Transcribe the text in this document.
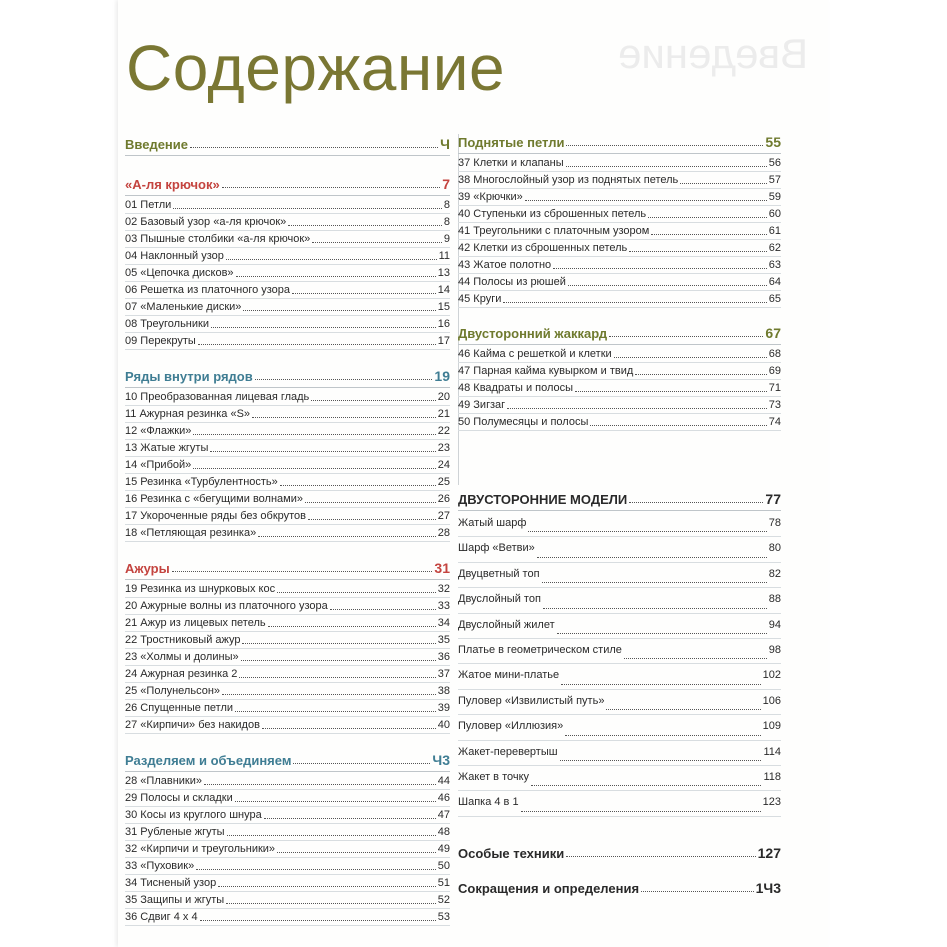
Введение
Содержание
Введение	Ч
«А-ля крючок»	7
01 Петли	8
02 Базовый узор «а-ля крючок»	8
03 Пышные столбики «а-ля крючок»	9
04 Наклонный узор	11
05 «Цепочка дисков»	13
06 Решетка из платочного узора	14
07 «Маленькие диски»	15
08 Треугольники	16
09 Перекруты	17
Ряды внутри рядов	19
10 Преобразованная лицевая гладь	20
11 Ажурная резинка «S»	21
12 «Флажки»	22
13 Жатые жгуты	23
14 «Прибой»	24
15 Резинка «Турбулентность»	25
16 Резинка с «бегущими волнами»	26
17 Укороченные ряды без обкрутов	27
18 «Петляющая резинка»	28
Ажуры	31
19 Резинка из шнурковых кос	32
20 Ажурные волны из платочного узора	33
21 Ажур из лицевых петель	34
22 Тростниковый ажур	35
23 «Холмы и долины»	36
24 Ажурная резинка 2	37
25 «Полунельсон»	38
26 Спущенные петли	39
27 «Кирпичи» без накидов	40
Разделяем и объединяем	Ч3
28 «Плавники»	44
29 Полосы и складки	46
30 Косы из круглого шнура	47
31 Рубленые жгуты	48
32 «Кирпичи и треугольники»	49
33 «Пуховик»	50
34 Тисненый узор	51
35 Защипы и жгуты	52
36 Сдвиг 4 х 4	53
Поднятые петли	55
37 Клетки и клапаны	56
38 Многослойный узор из поднятых петель	57
39 «Крючки»	59
40 Ступеньки из сброшенных петель	60
41 Треугольники с платочным узором	61
42 Клетки из сброшенных петель	62
43 Жатое полотно	63
44 Полосы из рюшей	64
45 Круги	65
Двусторонний жаккард	67
46 Кайма с решеткой и клетки	68
47 Парная кайма кувырком и твид	69
48 Квадраты и полосы	71
49 Зигзаг	73
50 Полумесяцы и полосы	74
ДВУСТОРОННИЕ МОДЕЛИ	77
Жатый шарф	78
Шарф «Ветви»	80
Двуцветный топ	82
Двуслойный топ	88
Двуслойный жилет	94
Платье в геометрическом стиле	98
Жатое мини-платье	102
Пуловер «Извилистый путь»	106
Пуловер «Иллюзия»	109
Жакет-перевертыш	114
Жакет в точку	118
Шапка 4 в 1	123
Особые техники	127
Сокращения и определения	1Ч3
